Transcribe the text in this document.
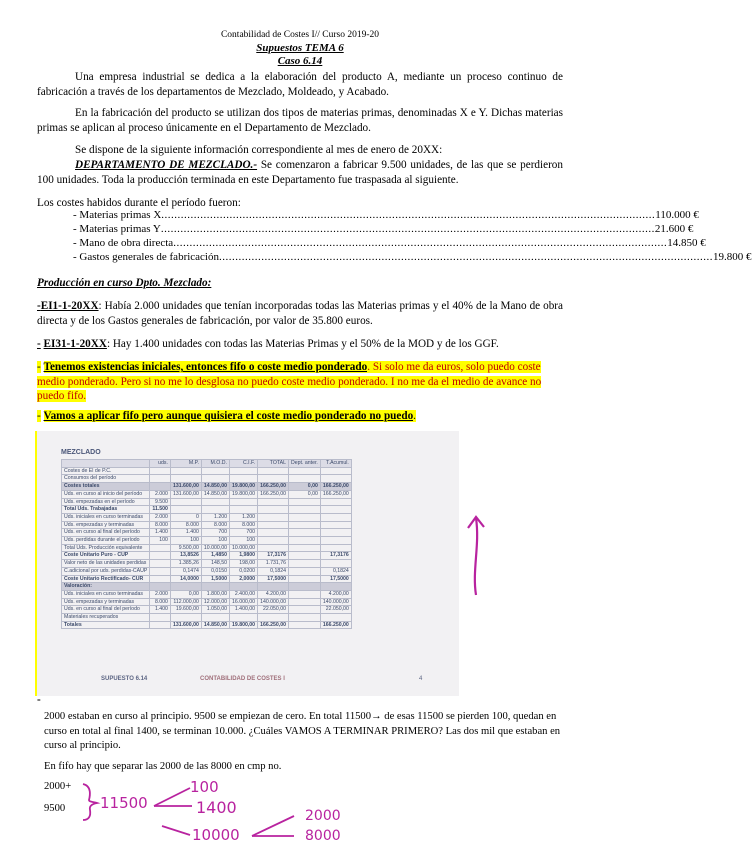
Contabilidad de Costes I// Curso 2019-20
Supuestos TEMA 6
Caso 6.14
Una empresa industrial se dedica a la elaboración del producto A, mediante un proceso continuo de fabricación a través de los departamentos de Mezclado, Moldeado, y Acabado.
En la fabricación del producto se utilizan dos tipos de materias primas, denominadas X e Y. Dichas materias primas se aplican al proceso únicamente en el Departamento de Mezclado.
Se dispone de la siguiente información correspondiente al mes de enero de 20XX:
DEPARTAMENTO DE MEZCLADO.- Se comenzaron a fabricar 9.500 unidades, de las que se perdieron 100 unidades. Toda la producción terminada en este Departamento fue traspasada al siguiente.
Los costes habidos durante el período fueron:
- Materias primas X ........................................................................................................................................................ 110.000 €
- Materias primas Y ........................................................................................................................................................ 21.600 €
- Mano de obra directa ........................................................................................................................................................ 14.850 €
- Gastos generales de fabricación ........................................................................................................................................................ 19.800 €
Producción en curso Dpto. Mezclado:
-EI1-1-20XX: Había 2.000 unidades que tenían incorporadas todas las Materias primas y el 40% de la Mano de obra directa y de los Gastos generales de fabricación, por valor de 35.800 euros.
- EI31-1-20XX: Hay 1.400 unidades con todas las Materias Primas y el 50% de la MOD y de los GGF.
- Tenemos existencias iniciales, entonces fifo o coste medio ponderado. Si solo me da euros, solo puedo coste medio ponderado. Pero si no me lo desglosa no puedo coste medio ponderado. I no me da el medio de avance no puedo fifo.
- Vamos a aplicar fifo pero aunque quisiera el coste medio ponderado no puedo.
MEZCLADO
	uds.	M.P.	M.O.D.	C.I.F.	TOTAL	Dept. anter.	T.Acumul.
Costes de El de P.C.							
Consumos del período							
Costes totales		131.600,00	14.850,00	19.800,00	166.250,00	0,00	166.250,00
Uds. en curso al inicio del período	2.000	131.600,00	14.850,00	19.800,00	166.250,00	0,00	166.250,00
Uds. empezadas en el período	9.500						
Total Uds. Trabajadas	11.500						
Uds. iniciales en curso terminadas	2.000	0	1.200	1.200			
Uds. empezadas y terminadas	8.000	8.000	8.000	8.000			
Uds. en curso al final del período	1.400	1.400	700	700			
Uds. perdidas durante el período	100	100	100	100			
Total Uds. Producción equivalente		9.500,00	10.000,00	10.000,00			
Coste Unitario Puro - CUP		13,8526	1,4850	1,9800	17,3176		17,3176
Valor neto de las unidades perdidas		1.385,26	148,50	198,00	1.731,76		
C.adicional por uds. perdidas-CAUP		0,1474	0,0150	0,0200	0,1824		0,1824
Coste Unitario Rectificado- CUR		14,0000	1,5000	2,0000	17,5000		17,5000
Valoración:							
Uds. iniciales en curso terminadas	2.000	0,00	1.800,00	2.400,00	4.200,00		4.200,00
Uds. empezadas y terminadas	8.000	112.000,00	12.000,00	16.000,00	140.000,00		140.000,00
Uds. en curso al final del período	1.400	19.600,00	1.050,00	1.400,00	22.050,00		22.050,00
Materiales recuperados							
Totales		131.600,00	14.850,00	19.800,00	166.250,00		166.250,00
SUPUESTO 6.14	CONTABILIDAD DE COSTES I	4
-
2000 estaban en curso al principio. 9500 se empiezan de cero. En total 11500→ de esas 11500 se pierden 100, quedan en curso en total al final 1400, se terminan 10.000. ¿Cuáles VAMOS A TERMINAR PRIMERO? Las dos mil que estaban en curso al principio.
En fifo hay que separar las 2000 de las 8000 en cmp no.
2000+
9500 11500
100
1400
10000
2000
8000
